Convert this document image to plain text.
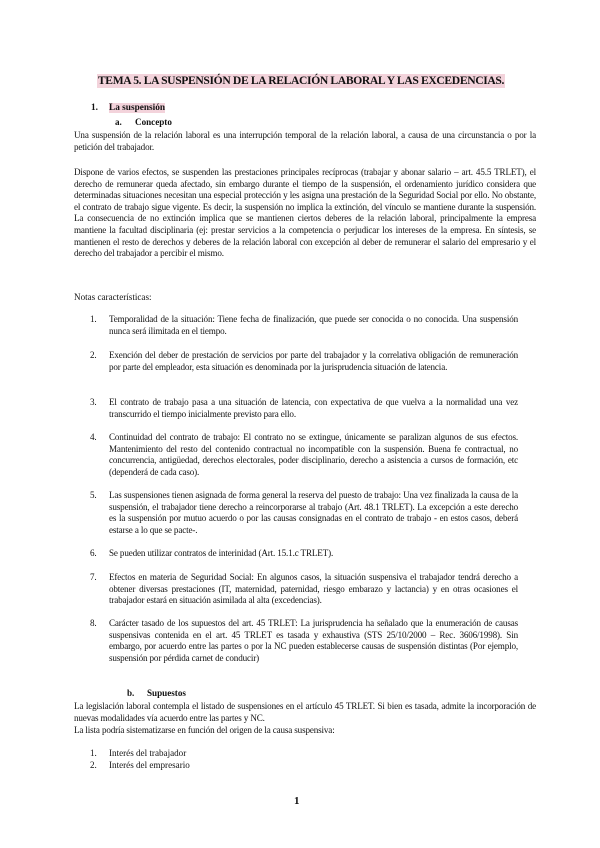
TEMA 5. LA SUSPENSIÓN DE LA RELACIÓN LABORAL Y LAS EXCEDENCIAS.
1. La suspensión
a. Concepto
Una suspensión de la relación laboral es una interrupción temporal de la relación laboral, a causa de una circunstancia o por la petición del trabajador.
Dispone de varios efectos, se suspenden las prestaciones principales recíprocas (trabajar y abonar salario – art. 45.5 TRLET), el derecho de remunerar queda afectado, sin embargo durante el tiempo de la suspensión, el ordenamiento jurídico considera que determinadas situaciones necesitan una especial protección y les asigna una prestación de la Seguridad Social por ello. No obstante, el contrato de trabajo sigue vigente. Es decir, la suspensión no implica la extinción, del vínculo se mantiene durante la suspensión. La consecuencia de no extinción implica que se mantienen ciertos deberes de la relación laboral, principalmente la empresa mantiene la facultad disciplinaria (ej: prestar servicios a la competencia o perjudicar los intereses de la empresa. En síntesis, se mantienen el resto de derechos y deberes de la relación laboral con excepción al deber de remunerar el salario del empresario y el derecho del trabajador a percibir el mismo.
Notas características:
1. Temporalidad de la situación: Tiene fecha de finalización, que puede ser conocida o no conocida. Una suspensión nunca será ilimitada en el tiempo.
2. Exención del deber de prestación de servicios por parte del trabajador y la correlativa obligación de remuneración por parte del empleador, esta situación es denominada por la jurisprudencia situación de latencia.
3. El contrato de trabajo pasa a una situación de latencia, con expectativa de que vuelva a la normalidad una vez transcurrido el tiempo inicialmente previsto para ello.
4. Continuidad del contrato de trabajo: El contrato no se extingue, únicamente se paralizan algunos de sus efectos. Mantenimiento del resto del contenido contractual no incompatible con la suspensión. Buena fe contractual, no concurrencia, antigüedad, derechos electorales, poder disciplinario, derecho a asistencia a cursos de formación, etc (dependerá de cada caso).
5. Las suspensiones tienen asignada de forma general la reserva del puesto de trabajo: Una vez finalizada la causa de la suspensión, el trabajador tiene derecho a reincorporarse al trabajo (Art. 48.1 TRLET). La excepción a este derecho es la suspensión por mutuo acuerdo o por las causas consignadas en el contrato de trabajo - en estos casos, deberá estarse a lo que se pacte-.
6. Se pueden utilizar contratos de interinidad (Art. 15.1.c TRLET).
7. Efectos en materia de Seguridad Social: En algunos casos, la situación suspensiva el trabajador tendrá derecho a obtener diversas prestaciones (IT, maternidad, paternidad, riesgo embarazo y lactancia) y en otras ocasiones el trabajador estará en situación asimilada al alta (excedencias).
8. Carácter tasado de los supuestos del art. 45 TRLET: La jurisprudencia ha señalado que la enumeración de causas suspensivas contenida en el art. 45 TRLET es tasada y exhaustiva (STS 25/10/2000 – Rec. 3606/1998). Sin embargo, por acuerdo entre las partes o por la NC pueden establecerse causas de suspensión distintas (Por ejemplo, suspensión por pérdida carnet de conducir)
b. Supuestos
La legislación laboral contempla el listado de suspensiones en el artículo 45 TRLET. Si bien es tasada, admite la incorporación de nuevas modalidades vía acuerdo entre las partes y NC.
La lista podría sistematizarse en función del origen de la causa suspensiva:
1. Interés del trabajador
2. Interés del empresario
1
